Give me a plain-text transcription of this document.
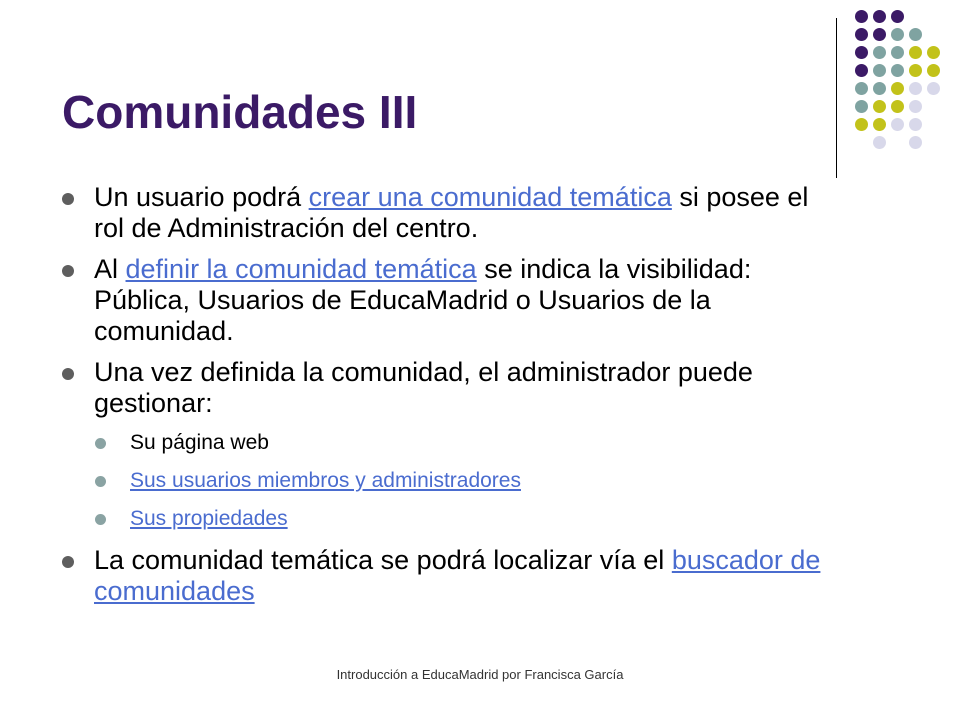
Comunidades III
Un usuario podrá crear una comunidad temática si posee el rol de Administración del centro.
Al definir la comunidad temática se indica la visibilidad: Pública, Usuarios de EducaMadrid o Usuarios de la comunidad.
Una vez definida la comunidad, el administrador puede gestionar:
Su página web
Sus usuarios miembros y administradores
Sus propiedades
La comunidad temática se podrá localizar vía el buscador de comunidades
Introducción a EducaMadrid por Francisca García
